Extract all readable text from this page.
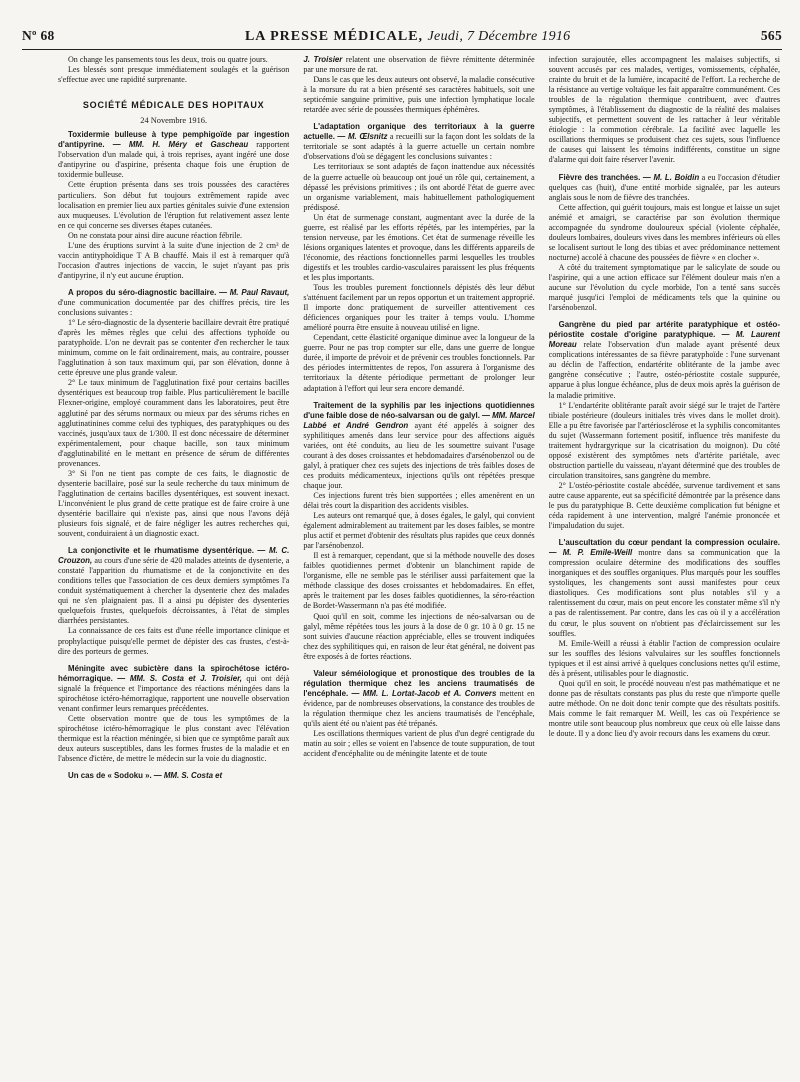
Nº 68	LA PRESSE MÉDICALE, Jeudi, 7 Décembre 1916	565

On change les pansements tous les deux, trois ou quatre jours.

Les blessés sont presque immédiatement soulagés et la guérison s'effectue avec une rapidité surprenante.

SOCIÉTÉ MÉDICALE DES HOPITAUX
24 Novembre 1916.

Toxidermie bulleuse à type pemphigoïde par ingestion d'antipyrine. — MM. H. Méry et Gascheau rapportent l'observation d'un malade qui, à trois reprises, ayant ingéré une dose d'antipyrine ou d'aspirine, présenta chaque fois une éruption de toxidermie bulleuse.

Cette éruption présenta dans ses trois poussées des caractères particuliers. Son début fut toujours extrêmement rapide avec localisation en premier lieu aux parties génitales suivie d'une extension aux muqueuses. L'évolution de l'éruption fut relativement assez lente en ce qui concerne ses diverses étapes cutanées.

On ne constata pour ainsi dire aucune réaction fébrile.

L'une des éruptions survint à la suite d'une injection de 2 cm³ de vaccin antityphoïdique T A B chauffé. Mais il est à remarquer qu'à l'occasion d'autres injections de vaccin, le sujet n'ayant pas pris d'antipyrine, il n'y eut aucune éruption.

A propos du séro-diagnostic bacillaire. — M. Paul Ravaut, d'une communication documentée par des chiffres précis, tire les conclusions suivantes :

1° Le séro-diagnostic de la dysenterie bacillaire devrait être pratiqué d'après les mêmes règles que celui des affections typhoïde ou paratyphoïde. L'on ne devrait pas se contenter d'en rechercher le taux minimum, comme on le fait ordinairement, mais, au contraire, pousser l'agglutination à son taux maximum qui, par son élévation, donne à cette épreuve une plus grande valeur.

2° Le taux minimum de l'agglutination fixé pour certains bacilles dysentériques est beaucoup trop faible. Plus particulièrement le bacille Flexner-origine, employé couramment dans les laboratoires, peut être agglutiné par des sérums normaux ou mieux par des sérums riches en agglutinatinines comme celui des typhiques, des paratyphiques ou des vaccinés, jusqu'aux taux de 1/300. Il est donc nécessaire de déterminer expérimentalement, pour chaque bacille, son taux minimum d'agglutinabilité en le mettant en présence de sérum de différentes provenances.

3° Si l'on ne tient pas compte de ces faits, le diagnostic de dysenterie bacillaire, posé sur la seule recherche du taux minimum de l'agglutination de certains bacilles dysentériques, est souvent inexact. L'inconvénient le plus grand de cette pratique est de faire croire à une dysentérie bacillaire qui n'existe pas, ainsi que nous l'avons déjà plusieurs fois signalé, et de faire négliger les autres recherches qui, souvent, conduiraient à un diagnostic exact.

La conjonctivite et le rhumatisme dysentérique. — M. C. Crouzon, au cours d'une série de 420 malades atteints de dysenterie, a constaté l'apparition du rhumatisme et de la conjonctivite en des conditions telles que l'association de ces deux derniers symptômes l'a conduit systématiquement à chercher la dysenterie chez des malades qui ne s'en plaignaient pas. Il a ainsi pu dépister des dysenteries quelquefois frustes, quelquefois décroissantes, à l'état de simples diarrhées persistantes.

La connaissance de ces faits est d'une réelle importance clinique et prophylactique puisqu'elle permet de dépister des cas frustes, c'est-à-dire des porteurs de germes.

Méningite avec subictère dans la spirochétose ictéro-hémorragique. — MM. S. Costa et J. Troisier, qui ont déjà signalé la fréquence et l'importance des réactions méningées dans la spirochétose ictéro-hémorragique, rapportent une nouvelle observation venant confirmer leurs remarques précédentes.

Cette observation montre que de tous les symptômes de la spirochétose ictéro-hémorragique le plus constant avec l'élévation thermique est la réaction méningée, si bien que ce symptôme paraît aux deux auteurs susceptibles, dans les formes frustes de la maladie et en l'absence d'ictère, de mettre le médecin sur la voie du diagnostic.

Un cas de « Sodoku ». — MM. S. Costa et

J. Troisier relatent une observation de fièvre rémittente déterminée par une morsure de rat.

Dans le cas que les deux auteurs ont observé, la maladie consécutive à la morsure du rat a bien présenté ses caractères habituels, soit une septicémie sanguine primitive, puis une infection lymphatique locale retardée avec série de poussées thermiques éphémères.

L'adaptation organique des territoriaux à la guerre actuelle. — M. Œlsnitz a recueilli sur la façon dont les soldats de la territoriale se sont adaptés à la guerre actuelle un certain nombre d'observations d'où se dégagent les conclusions suivantes :

Les territoriaux se sont adaptés de façon inattendue aux nécessités de la guerre actuelle où beaucoup ont joué un rôle qui, certainement, a dépassé les prévisions primitives ; ils ont abordé l'état de guerre avec un organisme variablement, mais habituellement pathologiquement prédisposé.

Un état de surmenage constant, augmentant avec la durée de la guerre, est réalisé par les efforts répétés, par les intempéries, par la tension nerveuse, par les émotions. Cet état de surmenage réveille les lésions organiques latentes et provoque, dans les différents appareils de l'économie, des réactions fonctionnelles parmi lesquelles les troubles digestifs et les troubles cardio-vasculaires paraissent les plus fréquents et les plus importants.

Tous les troubles purement fonctionnels dépistés dès leur début s'atténuent facilement par un repos opportun et un traitement approprié. Il importe donc pratiquement de surveiller attentivement ces déficiences organiques pour les traiter à temps voulu. L'homme amélioré pourra être ensuite à nouveau utilisé en ligne.

Cependant, cette élasticité organique diminue avec la longueur de la guerre. Pour ne pas trop compter sur elle, dans une guerre de longue durée, il importe de prévoir et de prévenir ces troubles fonctionnels. Par des périodes intermittentes de repos, l'on assurera à l'organisme des territoriaux la détente périodique permettant de prolonger leur adaptation à l'effort qui leur sera encore demandé.

Traitement de la syphilis par les injections quotidiennes d'une faible dose de néo-salvarsan ou de galyl. — MM. Marcel Labbé et André Gendron ayant été appelés à soigner des syphilitiques amenés dans leur service pour des affections aiguës variées, ont été conduits, au lieu de les soumettre suivant l'usage courant à des doses croissantes et hebdomadaires d'arsénobenzol ou de galyl, à pratiquer chez ces sujets des injections de très faibles doses de ces produits médicamenteux, injections qu'ils ont répétées presque chaque jour.

Ces injections furent très bien supportées ; elles amenèrent en un délai très court la disparition des accidents visibles.

Les auteurs ont remarqué que, à doses égales, le galyl, qui convient également admirablement au traitement par les doses faibles, se montre plus actif et permet d'obtenir des résultats plus rapides que ceux donnés par l'arsénobenzol.

Il est à remarquer, cependant, que si la méthode nouvelle des doses faibles quotidiennes permet d'obtenir un blanchiment rapide de l'organisme, elle ne semble pas le stériliser aussi parfaitement que la méthode classique des doses croissantes et hebdomadaires. En effet, après le traitement par les doses faibles quotidiennes, la séro-réaction de Bordet-Wassermann n'a pas été modifiée.

Quoi qu'il en soit, comme les injections de néo-salvarsan ou de galyl, même répétées tous les jours à la dose de 0 gr. 10 à 0 gr. 15 ne sont suivies d'aucune réaction appréciable, elles se trouvent indiquées chez des syphilitiques qui, en raison de leur état général, ne doivent pas être exposés à de fortes réactions.

Valeur séméiologique et pronostique des troubles de la régulation thermique chez les anciens traumatisés de l'encéphale. — MM. L. Lortat-Jacob et A. Convers mettent en évidence, par de nombreuses observations, la constance des troubles de la régulation thermique chez les anciens traumatisés de l'encéphale, qu'ils aient été ou n'aient pas été trépanés.

Les oscillations thermiques varient de plus d'un degré centigrade du matin au soir ; elles se voient en l'absence de toute suppuration, de tout accident d'encéphalite ou de méningite latente et de toute

infection surajoutée, elles accompagnent les malaises subjectifs, si souvent accusés par ces malades, vertiges, vomissements, céphalée, crainte du bruit et de la lumière, incapacité de l'effort. La recherche de la résistance au vertige voltaïque les fait apparaître communément. Ces troubles de la régulation thermique contribuent, avec d'autres symptômes, à l'établissement du diagnostic de la réalité des malaises subjectifs, et permettent souvent de les rattacher à leur véritable étiologie : la commotion cérébrale. La facilité avec laquelle les oscillations thermiques se produisent chez ces sujets, sous l'influence de causes qui laissent les témoins indifférents, constitue un signe d'alarme qui doit faire réserver l'avenir.

Fièvre des tranchées. — M. L. Boidin a eu l'occasion d'étudier quelques cas (huit), d'une entité morbide signalée, par les auteurs anglais sous le nom de fièvre des tranchées.

Cette affection, qui guérit toujours, mais est longue et laisse un sujet anémié et amaigri, se caractérise par son évolution thermique accompagnée du syndrome douloureux spécial (violente céphalée, douleurs lombaires, douleurs vives dans les membres inférieurs où elles se localisent surtout le long des tibias et avec prédominance nettement nocturne) accolé à chacune des poussées de fièvre « en clocher ».

A côté du traitement symptomatique par le salicylate de soude ou l'aspirine, qui a une action efficace sur l'élément douleur mais n'en a aucune sur l'évolution du cycle morbide, l'on a tenté sans succès marqué jusqu'ici l'emploi de médicaments tels que la quinine ou l'arsénobenzol.

Gangrène du pied par artérite paratyphique et ostéo-périostite costale d'origine paratyphique. — M. Laurent Moreau relate l'observation d'un malade ayant présenté deux complications intéressantes de sa fièvre paratyphoïde : l'une survenant au déclin de l'affection, endartérite oblitérante de la jambe avec gangrène consécutive ; l'autre, ostéo-périostite costale suppurée, apparue à plus longue échéance, plus de deux mois après la guérison de la maladie primitive.

1° L'endartérite oblitérante paraît avoir siégé sur le trajet de l'artère tibiale postérieure (douleurs initiales très vives dans le mollet droit). Elle a pu être favorisée par l'artériosclérose et la syphilis concomitantes du sujet (Wassermann fortement positif, influence très manifeste du traitement hydrargyrique sur la cicatrisation du moignon). Du côté opposé existèrent des symptômes nets d'artérite pariétale, avec obstruction partielle du vaisseau, n'ayant déterminé que des troubles de circulation transitoires, sans gangrène du membre.

2° L'ostéo-périostite costale abcédée, survenue tardivement et sans autre cause apparente, eut sa spécificité démontrée par la présence dans le pus du paratyphique B. Cette deuxième complication fut bénigne et céda rapidement à une intervention, malgré l'anémie prononcée et l'impaludation du sujet.

L'auscultation du cœur pendant la compression oculaire. — M. P. Emile-Weill montre dans sa communication que la compression oculaire détermine des modifications des souffles inorganiques et des souffles organiques. Plus marqués pour les souffles systoliques, les changements sont aussi manifestes pour ceux diastoliques. Ces modifications sont plus notables s'il y a ralentissement du cœur, mais on peut encore les constater même s'il n'y a pas de ralentissement. Par contre, dans les cas où il y a accélération du cœur, le plus souvent on n'obtient pas d'éclaircissement sur les souffles.

M. Emile-Weill a réussi à établir l'action de compression oculaire sur les souffles des lésions valvulaires sur les souffles fonctionnels typiques et il est ainsi arrivé à quelques conclusions nettes qu'il estime, dès à présent, utilisables pour le diagnostic.

Quoi qu'il en soit, le procédé nouveau n'est pas mathématique et ne donne pas de résultats constants pas plus du reste que n'importe quelle autre méthode. On ne doit donc tenir compte que des résultats positifs. Mais comme le fait remarquer M. Weill, les cas où l'expérience se montre utile sont beaucoup plus nombreux que ceux où elle laisse dans le doute. Il y a donc lieu d'y avoir recours dans les examens du cœur.
